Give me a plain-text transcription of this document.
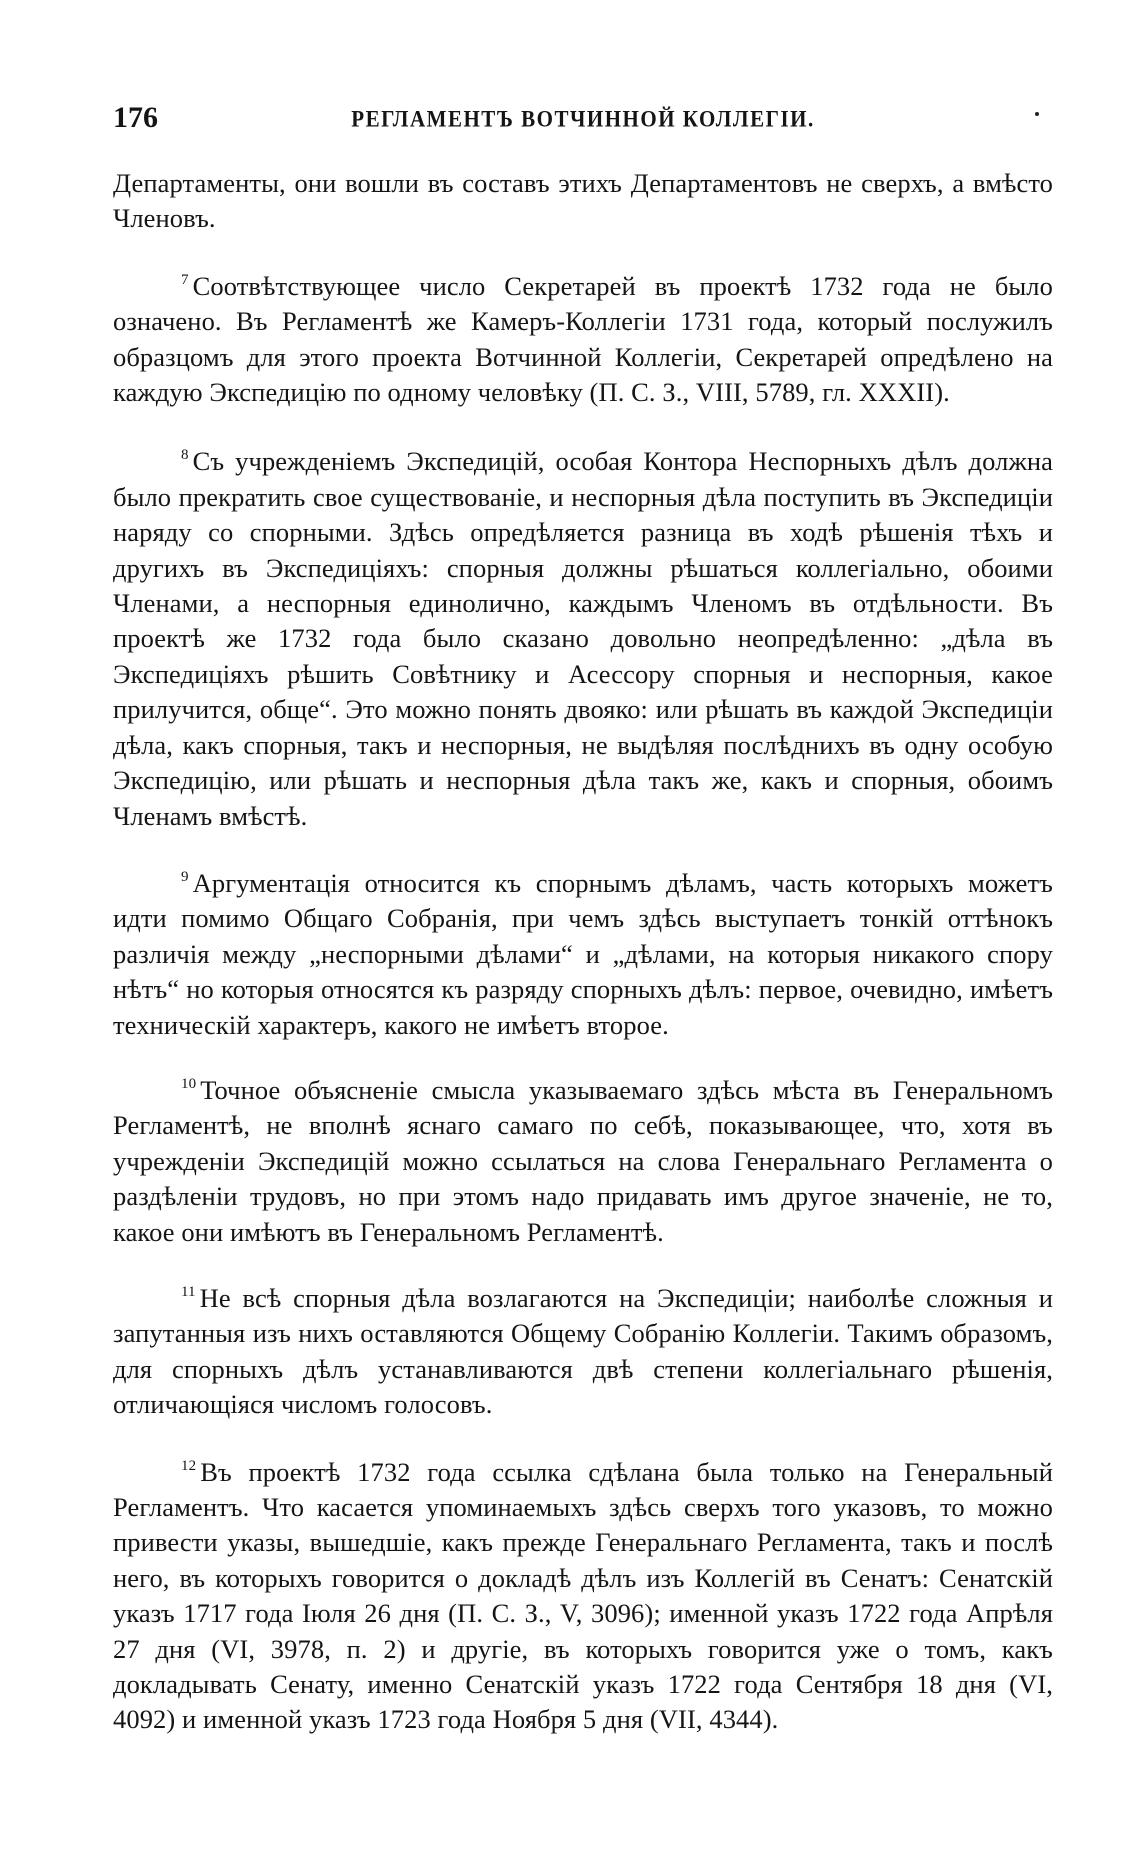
176	РЕГЛАМЕНТЪ ВОТЧИННОЙ КОЛЛЕГІИ.

Департаменты, они вошли въ составъ этихъ Департаментовъ не сверхъ, а вмѣсто Членовъ.

$^7$ Соотвѣтствующее число Секретарей въ проектѣ 1732 года не было означено. Въ Регламентѣ же Камеръ-Коллегіи 1731 года, который послужилъ образцомъ для этого проекта Вотчинной Коллегіи, Секретарей опредѣлено на каждую Экспедицію по одному человѣку (П. С. З., VIII, 5789, гл. XXXII).

$^8$ Съ учрежденіемъ Экспедицій, особая Контора Неспорныхъ дѣлъ должна было прекратить свое существованіе, и неспорныя дѣла поступить въ Экспедиціи наряду со спорными. Здѣсь опредѣляется разница въ ходѣ рѣшенія тѣхъ и другихъ въ Экспедиціяхъ: спорныя должны рѣшаться коллегіально, обоими Членами, а неспорныя единолично, каждымъ Членомъ въ отдѣльности. Въ проектѣ же 1732 года было сказано довольно неопредѣленно: „дѣла въ Экспедиціяхъ рѣшить Совѣтнику и Асессору спорныя и неспорныя, какое прилучится, обще“. Это можно понять двояко: или рѣшать въ каждой Экспедиціи дѣла, какъ спорныя, такъ и неспорныя, не выдѣляя послѣднихъ въ одну особую Экспедицію, или рѣшать и неспорныя дѣла такъ же, какъ и спорныя, обоимъ Членамъ вмѣстѣ.

$^9$ Аргументація относится къ спорнымъ дѣламъ, часть которыхъ можетъ идти помимо Общаго Собранія, при чемъ здѣсь выступаетъ тонкій оттѣнокъ различія между „неспорными дѣлами“ и „дѣлами, на которыя никакого спору нѣтъ“ но которыя относятся къ разряду спорныхъ дѣлъ: первое, очевидно, имѣетъ техническій характеръ, какого не имѣетъ второе.

$^{10}$ Точное объясненіе смысла указываемаго здѣсь мѣста въ Генеральномъ Регламентѣ, не вполнѣ яснаго самаго по себѣ, показывающее, что, хотя въ учрежденіи Экспедицій можно ссылаться на слова Генеральнаго Регламента о раздѣленіи трудовъ, но при этомъ надо придавать имъ другое значеніе, не то, какое они имѣютъ въ Генеральномъ Регламентѣ.

$^{11}$ Не всѣ спорныя дѣла возлагаются на Экспедиціи; наиболѣе сложныя и запутанныя изъ нихъ оставляются Общему Собранію Коллегіи. Такимъ образомъ, для спорныхъ дѣлъ устанавливаются двѣ степени коллегіальнаго рѣшенія, отличающіяся числомъ голосовъ.

$^{12}$ Въ проектѣ 1732 года ссылка сдѣлана была только на Генеральный Регламентъ. Что касается упоминаемыхъ здѣсь сверхъ того указовъ, то можно привести указы, вышедшіе, какъ прежде Генеральнаго Регламента, такъ и послѣ него, въ которыхъ говорится о докладѣ дѣлъ изъ Коллегій въ Сенатъ: Сенатскій указъ 1717 года Іюля 26 дня (П. С. З., V, 3096); именной указъ 1722 года Апрѣля 27 дня (VI, 3978, п. 2) и другіе, въ которыхъ говорится уже о томъ, какъ докладывать Сенату, именно Сенатскій указъ 1722 года Сентября 18 дня (VI, 4092) и именной указъ 1723 года Ноября 5 дня (VII, 4344).
